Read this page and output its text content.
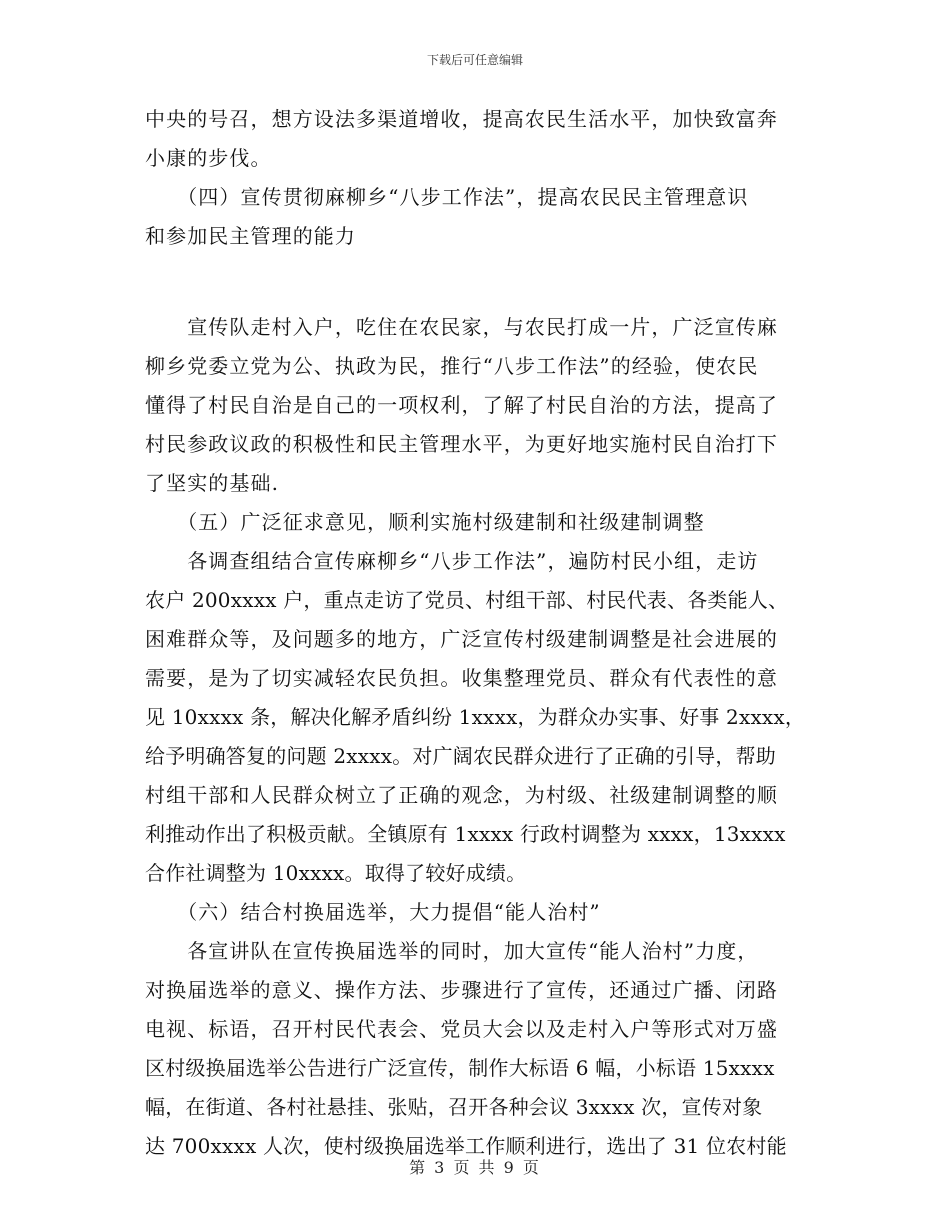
下载后可任意编辑
中央的号召，想方设法多渠道增收，提高农民生活水平，加快致富奔
小康的步伐。
　　（四）宣传贯彻麻柳乡“八步工作法”，提高农民民主管理意识
和参加民主管理的能力
　　宣传队走村入户，吃住在农民家，与农民打成一片，广泛宣传麻
柳乡党委立党为公、执政为民，推行“八步工作法”的经验，使农民
懂得了村民自治是自己的一项权利，了解了村民自治的方法，提高了
村民参政议政的积极性和民主管理水平，为更好地实施村民自治打下
了坚实的基础.
　　（五）广泛征求意见，顺利实施村级建制和社级建制调整
　　各调查组结合宣传麻柳乡“八步工作法”，遍防村民小组，走访
农户 200xxxx 户，重点走访了党员、村组干部、村民代表、各类能人、
困难群众等，及问题多的地方，广泛宣传村级建制调整是社会进展的
需要，是为了切实减轻农民负担。收集整理党员、群众有代表性的意
见 10xxxx 条，解决化解矛盾纠纷 1xxxx，为群众办实事、好事 2xxxx，
给予明确答复的问题 2xxxx。对广阔农民群众进行了正确的引导，帮助
村组干部和人民群众树立了正确的观念，为村级、社级建制调整的顺
利推动作出了积极贡献。全镇原有 1xxxx 行政村调整为 xxxx，13xxxx
合作社调整为 10xxxx。取得了较好成绩。
　　（六）结合村换届选举，大力提倡“能人治村”
　　各宣讲队在宣传换届选举的同时，加大宣传“能人治村”力度，
对换届选举的意义、操作方法、步骤进行了宣传，还通过广播、闭路
电视、标语，召开村民代表会、党员大会以及走村入户等形式对万盛
区村级换届选举公告进行广泛宣传，制作大标语 6 幅，小标语 15xxxx
幅，在街道、各村社悬挂、张贴，召开各种会议 3xxxx 次，宣传对象
达 700xxxx 人次，使村级换届选举工作顺利进行，选出了 31 位农村能
第 3 页 共 9 页
